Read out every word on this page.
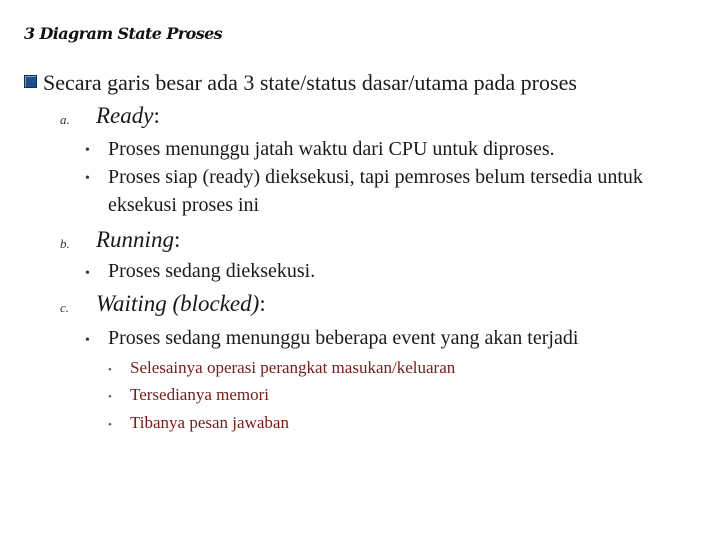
3 Diagram State Proses
Secara garis besar ada 3 state/status dasar/utama pada proses
a. Ready:
• Proses menunggu jatah waktu dari CPU untuk diproses.
• Proses siap (ready) dieksekusi, tapi pemroses belum tersedia untuk
eksekusi proses ini
b. Running:
• Proses sedang dieksekusi.
c. Waiting (blocked):
• Proses sedang menunggu beberapa event yang akan terjadi
• Selesainya operasi perangkat masukan/keluaran
• Tersedianya memori
• Tibanya pesan jawaban
